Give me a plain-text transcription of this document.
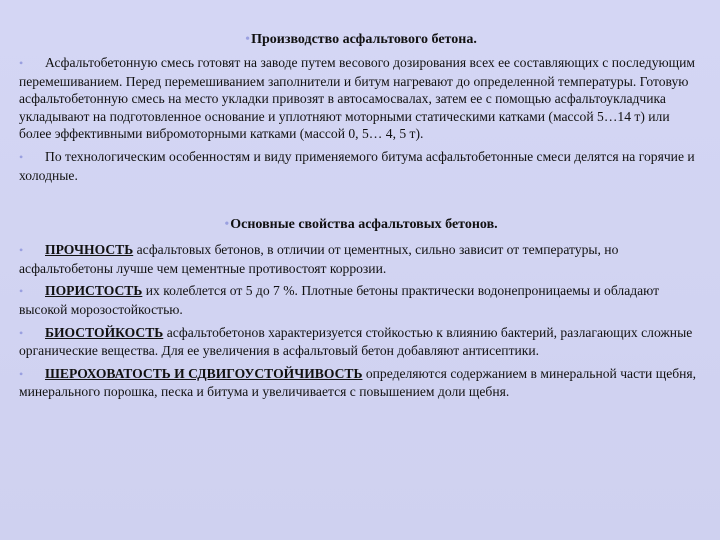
•Производство асфальтового бетона.
• Асфальтобетонную смесь готовят на заводе путем весового дозирования всех ее составляющих с последующим перемешиванием. Перед перемешиванием заполнители и битум нагревают до определенной температуры. Готовую асфальтобетонную смесь на место укладки привозят в автосамосвалах, затем ее с помощью асфальтоукладчика укладывают на подготовленное основание и уплотняют моторными статическими катками (массой 5…14 т) или более эффективными вибромоторными катками (массой 0, 5… 4, 5 т).
• По технологическим особенностям и виду применяемого битума асфальтобетонные смеси делятся на горячие и холодные.
•Основные свойства асфальтовых бетонов.
• ПРОЧНОСТЬ асфальтовых бетонов, в отличии от цементных, сильно зависит от температуры, но асфальтобетоны лучше чем цементные противостоят коррозии.
• ПОРИСТОСТЬ их колеблется от 5 до 7 %. Плотные бетоны практически водонепроницаемы и обладают высокой морозостойкостью.
• БИОСТОЙКОСТЬ асфальтобетонов характеризуется стойкостью к влиянию бактерий, разлагающих сложные органические вещества. Для ее увеличения в асфальтовый бетон добавляют антисептики.
• ШЕРОХОВАТОСТЬ И СДВИГОУСТОЙЧИВОСТЬ определяются содержанием в минеральной части щебня, минерального порошка, песка и битума и увеличивается с повышением доли щебня.
